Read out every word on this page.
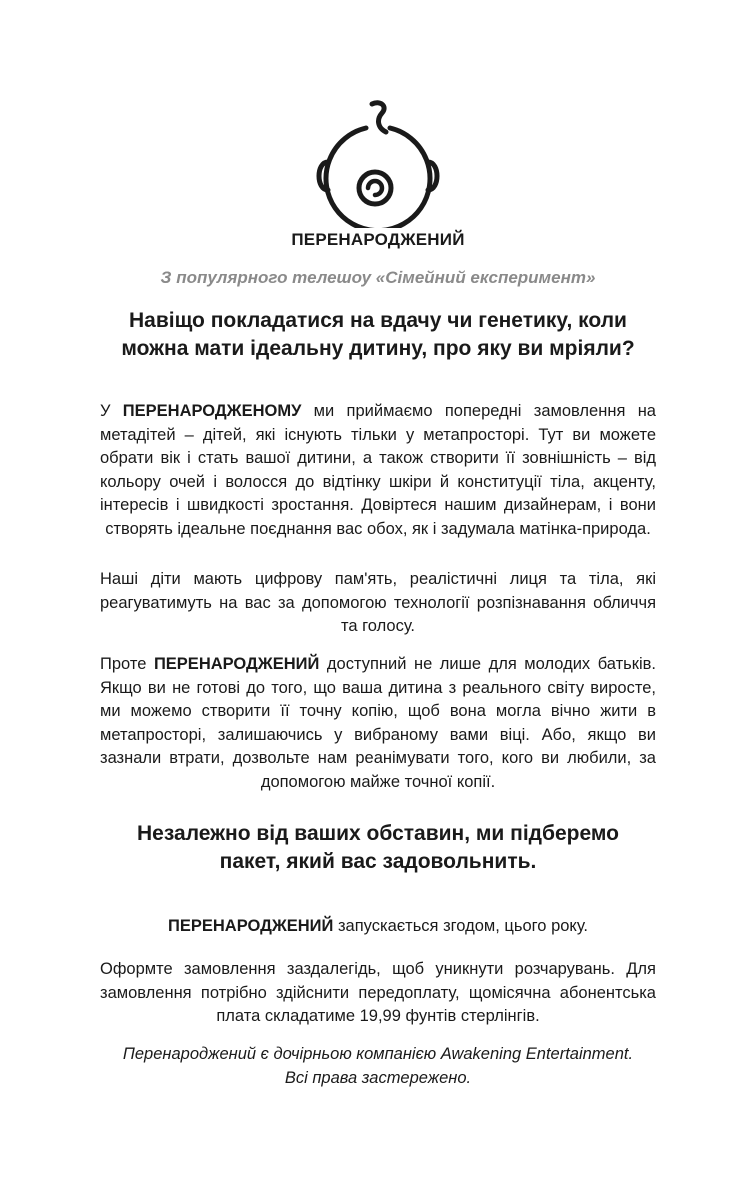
ПЕРЕНАРОДЖЕНИЙ
З популярного телешоу «Сімейний експеримент»
Навіщо покладатися на вдачу чи генетику, коли
можна мати ідеальну дитину, про яку ви мріяли?
У ПЕРЕНАРОДЖЕНОМУ ми приймаємо попередні замовлення на метадітей – дітей, які існують тільки у метапросторі. Тут ви можете обрати вік і стать вашої дитини, а також створити її зовнішність – від кольору очей і волосся до відтінку шкіри й конституції тіла, акценту, інтересів і швидкості зростання. Довіртеся нашим дизайнерам, і вони створять ідеальне поєднання вас обох, як і задумала матінка-природа.
Наші діти мають цифрову пам'ять, реалістичні лиця та тіла, які реагуватимуть на вас за допомогою технології розпізнавання обличчя та голосу.
Проте ПЕРЕНАРОДЖЕНИЙ доступний не лише для молодих батьків. Якщо ви не готові до того, що ваша дитина з реального світу виросте, ми можемо створити її точну копію, щоб вона могла вічно жити в метапросторі, залишаючись у вибраному вами віці. Або, якщо ви зазнали втрати, дозвольте нам реанімувати того, кого ви любили, за допомогою майже точної копії.
Незалежно від ваших обставин, ми підберемо
пакет, який вас задовольнить.
ПЕРЕНАРОДЖЕНИЙ запускається згодом, цього року.
Оформте замовлення заздалегідь, щоб уникнути розчарувань. Для замовлення потрібно здійснити передоплату, щомісячна абонентська плата складатиме 19,99 фунтів стерлінгів.
Перенароджений є дочірньою компанією Awakening Entertainment.
Всі права застережено.
